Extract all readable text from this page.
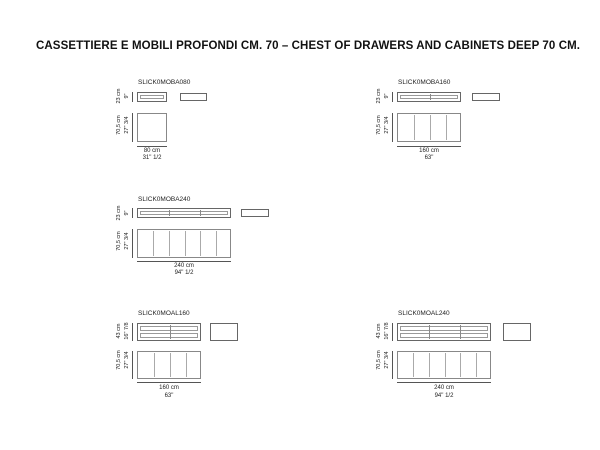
CASSETTIERE E MOBILI PROFONDI CM. 70 – CHEST OF DRAWERS AND CABINETS DEEP 70 CM.
SLICK0MOBA080
23 cm 9"
70,5 cm 27" 3/4
80 cm
31" 1/2
SLICK0MOBA160
23 cm 9"
70,5 cm 27" 3/4
160 cm
63"
SLICK0MOBA240
23 cm 9"
70,5 cm 27" 3/4
240 cm
94" 1/2
SLICK0MOAL160
43 cm 16" 7/8
70,5 cm 27" 3/4
160 cm
63"
SLICK0MOAL240
43 cm 16" 7/8
70,5 cm 27" 3/4
240 cm
94" 1/2
